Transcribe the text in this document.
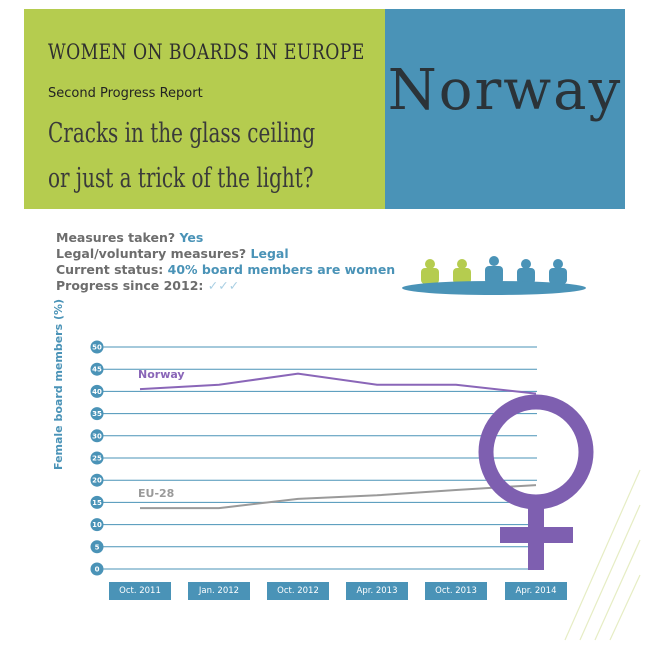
WOMEN ON BOARDS IN EUROPE
Second Progress Report
Cracks in the glass ceiling
or just a trick of the light?
Norway
Measures taken? Yes
Legal/voluntary measures? Legal
Current status: 40% board members are women
Progress since 2012: ✓✓✓
0
5
10
15
20
25
30
35
40
45
50
Female board members (%)
Oct. 2011	Jan. 2012	Oct. 2012	Apr. 2013	Oct. 2013	Apr. 2014
Norway
EU-28
